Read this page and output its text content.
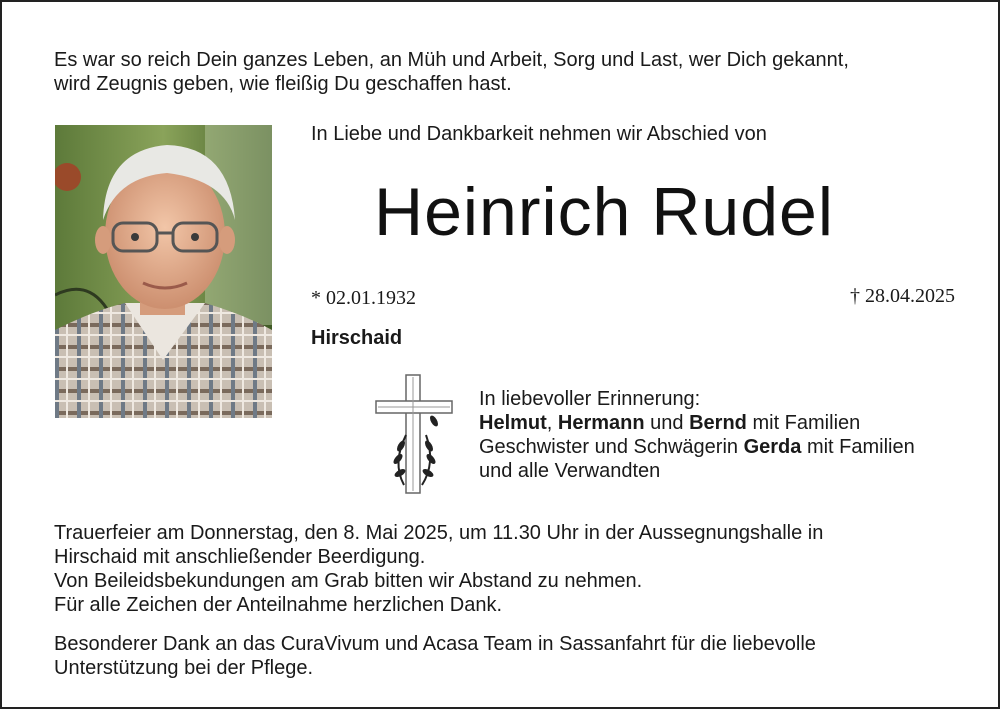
Es war so reich Dein ganzes Leben, an Müh und Arbeit, Sorg und Last, wer Dich gekannt,
wird Zeugnis geben, wie fleißig Du geschaffen hast.
In Liebe und Dankbarkeit nehmen wir Abschied von
Heinrich Rudel
* 02.01.1932	† 28.04.2025
Hirschaid
In liebevoller Erinnerung:
Helmut, Hermann und Bernd mit Familien
Geschwister und Schwägerin Gerda mit Familien
und alle Verwandten
Trauerfeier am Donnerstag, den 8. Mai 2025, um 11.30 Uhr in der Aussegnungshalle in
Hirschaid mit anschließender Beerdigung.
Von Beileidsbekundungen am Grab bitten wir Abstand zu nehmen.
Für alle Zeichen der Anteilnahme herzlichen Dank.
Besonderer Dank an das CuraVivum und Acasa Team in Sassanfahrt für die liebevolle
Unterstützung bei der Pflege.
